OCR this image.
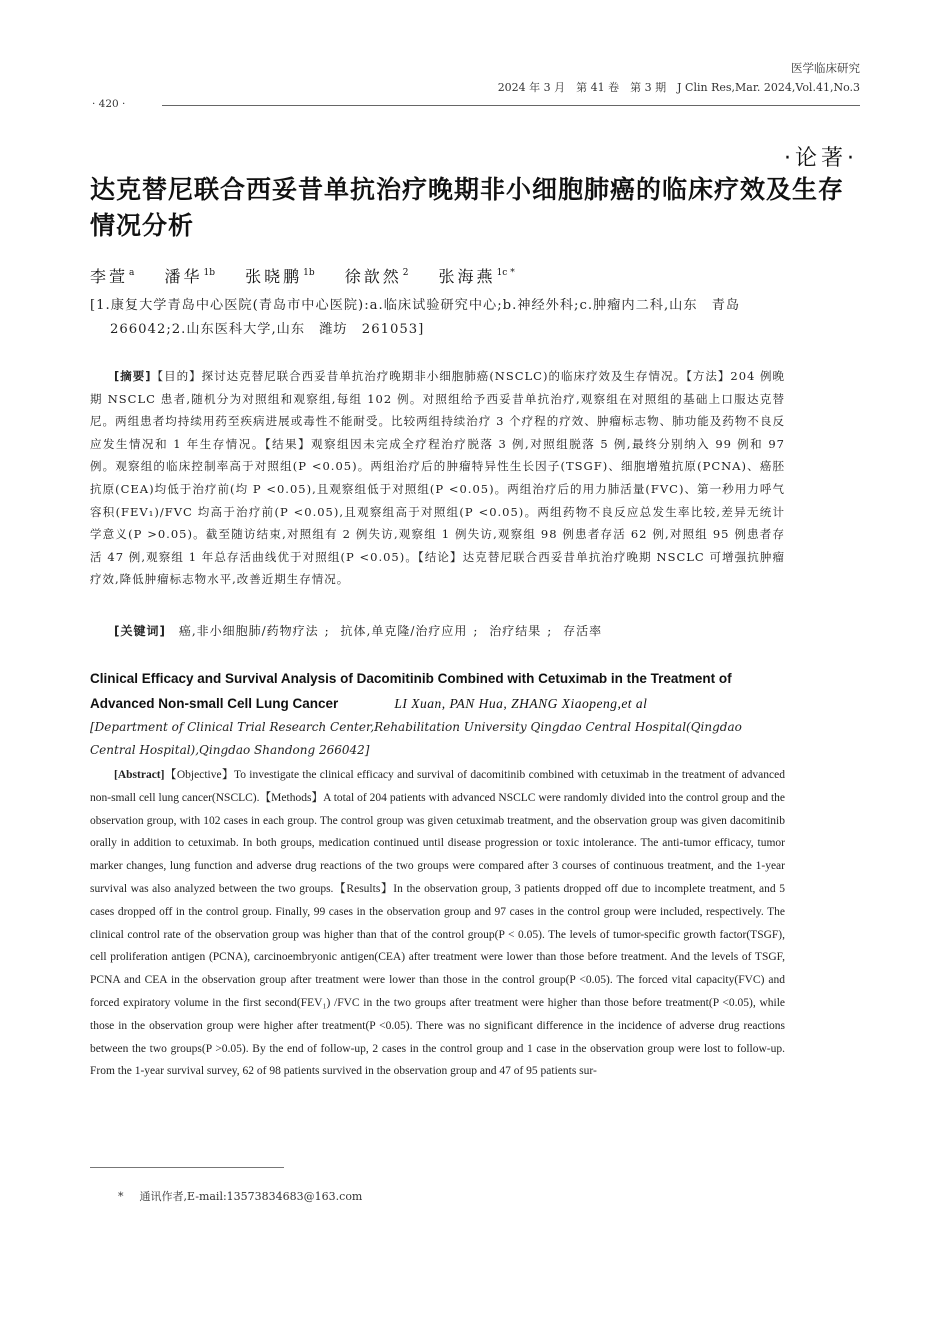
医学临床研究
2024 年 3 月　第 41 卷　第 3 期　J Clin Res,Mar. 2024,Vol.41,No.3
· 420 ·
·论著·
达克替尼联合西妥昔单抗治疗晚期非小细胞肺癌的临床疗效及生存情况分析
李萱$^a$ 潘华$^{1b}$ 张晓鹏$^{1b}$ 徐歆然$^2$ 张海燕$^{1c *}$
[1.康复大学青岛中心医院(青岛市中心医院):a.临床试验研究中心;b.神经外科;c.肿瘤内二科,山东　青岛
266042;2.山东医科大学,山东　潍坊　261053]
[摘要]【目的】探讨达克替尼联合西妥昔单抗治疗晚期非小细胞肺癌(NSCLC)的临床疗效及生存情况。【方法】204 例晚期 NSCLC 患者,随机分为对照组和观察组,每组 102 例。对照组给予西妥昔单抗治疗,观察组在对照组的基础上口服达克替尼。两组患者均持续用药至疾病进展或毒性不能耐受。比较两组持续治疗 3 个疗程的疗效、肿瘤标志物、肺功能及药物不良反应发生情况和 1 年生存情况。【结果】观察组因未完成全疗程治疗脱落 3 例,对照组脱落 5 例,最终分别纳入 99 例和 97 例。观察组的临床控制率高于对照组(P <0.05)。两组治疗后的肿瘤特异性生长因子(TSGF)、细胞增殖抗原(PCNA)、癌胚抗原(CEA)均低于治疗前(均 P <0.05),且观察组低于对照组(P <0.05)。两组治疗后的用力肺活量(FVC)、第一秒用力呼气容积(FEV₁)/FVC 均高于治疗前(P <0.05),且观察组高于对照组(P <0.05)。两组药物不良反应总发生率比较,差异无统计学意义(P >0.05)。截至随访结束,对照组有 2 例失访,观察组 1 例失访,观察组 98 例患者存活 62 例,对照组 95 例患者存活 47 例,观察组 1 年总存活曲线优于对照组(P <0.05)。【结论】达克替尼联合西妥昔单抗治疗晚期 NSCLC 可增强抗肿瘤疗效,降低肿瘤标志物水平,改善近期生存情况。
[关键词] 癌,非小细胞肺/药物疗法 ; 抗体,单克隆/治疗应用 ; 治疗结果 ; 存活率
Clinical Efficacy and Survival Analysis of Dacomitinib Combined with Cetuximab in the Treatment of Advanced Non-small Cell Lung Cancer	LI Xuan, PAN Hua, ZHANG Xiaopeng,et al
[Department of Clinical Trial Research Center,Rehabilitation University Qingdao Central Hospital(Qingdao Central Hospital),Qingdao Shandong 266042]
[Abstract]【Objective】To investigate the clinical efficacy and survival of dacomitinib combined with cetuximab in the treatment of advanced non-small cell lung cancer(NSCLC).【Methods】A total of 204 patients with advanced NSCLC were randomly divided into the control group and the observation group, with 102 cases in each group. The control group was given cetuximab treatment, and the observation group was given dacomitinib orally in addition to cetuximab. In both groups, medication continued until disease progression or toxic intolerance. The anti-tumor efficacy, tumor marker changes, lung function and adverse drug reactions of the two groups were compared after 3 courses of continuous treatment, and the 1-year survival was also analyzed between the two groups.【Results】In the observation group, 3 patients dropped off due to incomplete treatment, and 5 cases dropped off in the control group. Finally, 99 cases in the observation group and 97 cases in the control group were included, respectively. The clinical control rate of the observation group was higher than that of the control group(P < 0.05). The levels of tumor-specific growth factor(TSGF), cell proliferation antigen (PCNA), carcinoembryonic antigen(CEA) after treatment were lower than those before treatment. And the levels of TSGF, PCNA and CEA in the observation group after treatment were lower than those in the control group(P <0.05). The forced vital capacity(FVC) and forced expiratory volume in the first second(FEV₁) /FVC in the two groups after treatment were higher than those before treatment(P <0.05), while those in the observation group were higher after treatment(P <0.05). There was no significant difference in the incidence of adverse drug reactions between the two groups(P >0.05). By the end of follow-up, 2 cases in the control group and 1 case in the observation group were lost to follow-up. From the 1-year survival survey, 62 of 98 patients survived in the observation group and 47 of 95 patients sur-
* 通讯作者,E-mail:13573834683@163.com
